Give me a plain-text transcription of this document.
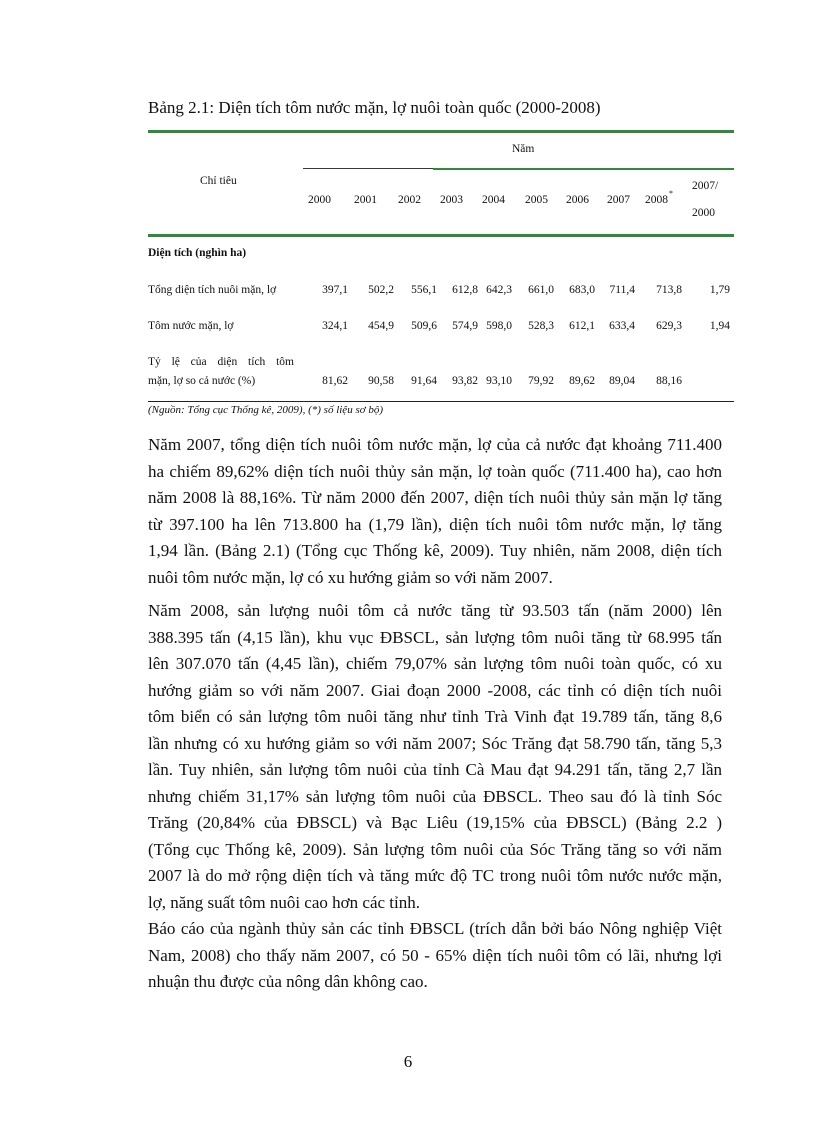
Bảng 2.1: Diện tích tôm nước mặn, lợ nuôi toàn quốc (2000-2008)
Năm
Chỉ tiêu
2000 2001 2002 2003 2004 2005 2006 2007 2008*
2007/
2000
Diện tích (nghìn ha)
Tổng diện tích nuôi mặn, lợ	397,1	502,2	556,1	612,8 642,3	661,0	683,0	711,4	713,8	1,79
Tôm nước mặn, lợ	324,1	454,9	509,6	574,9 598,0	528,3	612,1	633,4	629,3	1,94
Tỷ lệ của diện tích tôm
mặn, lợ so cả nước (%)	81,62	90,58	91,64	93,82 93,10	79,92	89,62	89,04	88,16
(Nguồn: Tổng cục Thống kê, 2009), (*) số liệu sơ bộ)
Năm 2007, tổng diện tích nuôi tôm nước mặn, lợ của cả nước đạt khoảng 711.400
ha chiếm 89,62% diện tích nuôi thủy sản mặn, lợ toàn quốc (711.400 ha), cao hơn
năm 2008 là 88,16%. Từ năm 2000 đến 2007, diện tích nuôi thủy sản mặn lợ tăng
từ 397.100 ha lên 713.800 ha (1,79 lần), diện tích nuôi tôm nước mặn, lợ tăng
1,94 lần. (Bảng 2.1) (Tổng cục Thống kê, 2009). Tuy nhiên, năm 2008, diện tích
nuôi tôm nước mặn, lợ có xu hướng giảm so với năm 2007.
Năm 2008, sản lượng nuôi tôm cả nước tăng từ 93.503 tấn (năm 2000) lên
388.395 tấn (4,15 lần), khu vục ĐBSCL, sản lượng tôm nuôi tăng từ 68.995 tấn
lên 307.070 tấn (4,45 lần), chiếm 79,07% sản lượng tôm nuôi toàn quốc, có xu
hướng giảm so với năm 2007. Giai đoạn 2000 -2008, các tỉnh có diện tích nuôi
tôm biển có sản lượng tôm nuôi tăng như tỉnh Trà Vinh đạt 19.789 tấn, tăng 8,6
lần nhưng có xu hướng giảm so với năm 2007; Sóc Trăng đạt 58.790 tấn, tăng 5,3
lần. Tuy nhiên, sản lượng tôm nuôi của tỉnh Cà Mau đạt 94.291 tấn, tăng 2,7 lần
nhưng chiếm 31,17% sản lượng tôm nuôi của ĐBSCL. Theo sau đó là tỉnh Sóc
Trăng (20,84% của ĐBSCL) và Bạc Liêu (19,15% của ĐBSCL) (Bảng 2.2 )
(Tổng cục Thống kê, 2009). Sản lượng tôm nuôi của Sóc Trăng tăng so với năm
2007 là do mở rộng diện tích và tăng mức độ TC trong nuôi tôm nước nước mặn,
lợ, năng suất tôm nuôi cao hơn các tỉnh.
Báo cáo của ngành thủy sản các tỉnh ĐBSCL (trích dẫn bởi báo Nông nghiệp Việt
Nam, 2008) cho thấy năm 2007, có 50 - 65% diện tích nuôi tôm có lãi, nhưng lợi
nhuận thu được của nông dân không cao.
6
